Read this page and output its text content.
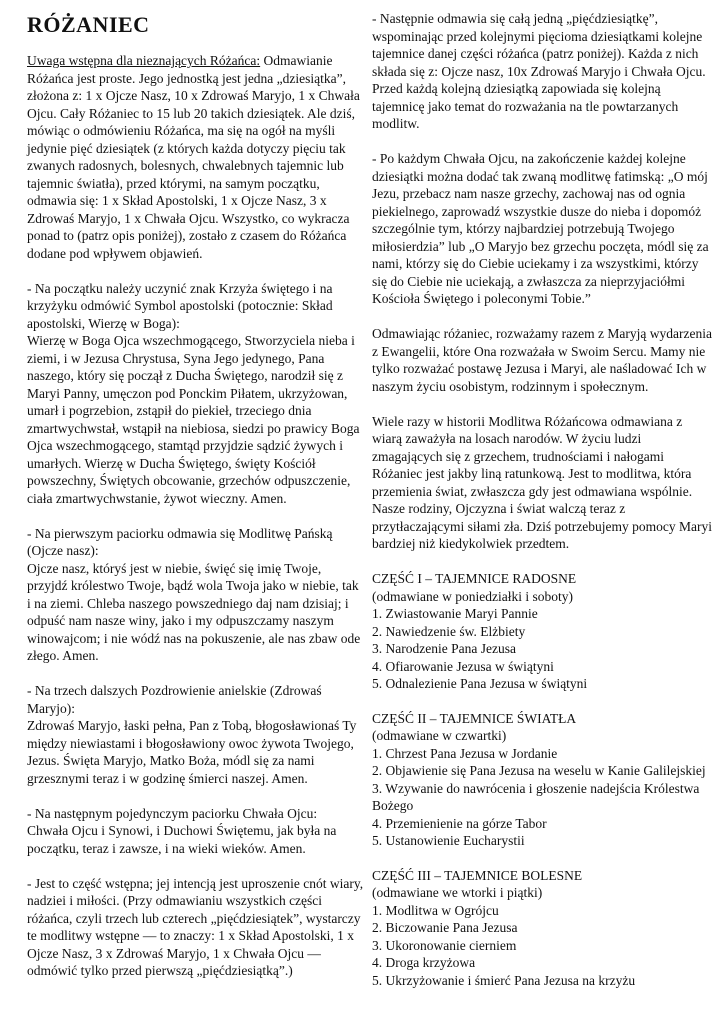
RÓŻANIEC

Uwaga wstępna dla nieznających Różańca: Odmawianie Różańca jest proste. Jego jednostką jest jedna „dziesiątka”, złożona z: 1 x Ojcze Nasz, 10 x Zdrowaś Maryjo, 1 x Chwała Ojcu. Cały Różaniec to 15 lub 20 takich dziesiątek. Ale dziś, mówiąc o odmówieniu Różańca, ma się na ogół na myśli jedynie pięć dziesiątek (z których każda dotyczy pięciu tak zwanych radosnych, bolesnych, chwalebnych tajemnic lub tajemnic światła), przed którymi, na samym początku, odmawia się: 1 x Skład Apostolski, 1 x Ojcze Nasz, 3 x Zdrowaś Maryjo, 1 x Chwała Ojcu. Wszystko, co wykracza ponad to (patrz opis poniżej), zostało z czasem do Różańca dodane pod wpływem objawień.

- Na początku należy uczynić znak Krzyża świętego i na krzyżyku odmówić Symbol apostolski (potocznie: Skład apostolski, Wierzę w Boga):
Wierzę w Boga Ojca wszechmogącego, Stworzyciela nieba i ziemi, i w Jezusa Chrystusa, Syna Jego jedynego, Pana naszego, który się począł z Ducha Świętego, narodził się z Maryi Panny, umęczon pod Ponckim Piłatem, ukrzyżowan, umarł i pogrzebion, zstąpił do piekieł, trzeciego dnia zmartwychwstał, wstąpił na niebiosa, siedzi po prawicy Boga Ojca wszechmogącego, stamtąd przyjdzie sądzić żywych i umarłych. Wierzę w Ducha Świętego, święty Kościół powszechny, Świętych obcowanie, grzechów odpuszczenie, ciała zmartwychwstanie, żywot wieczny. Amen.

- Na pierwszym paciorku odmawia się Modlitwę Pańską (Ojcze nasz):
Ojcze nasz, któryś jest w niebie, święć się imię Twoje, przyjdź królestwo Twoje, bądź wola Twoja jako w niebie, tak i na ziemi. Chleba naszego powszedniego daj nam dzisiaj; i odpuść nam nasze winy, jako i my odpuszczamy naszym winowajcom; i nie wódź nas na pokuszenie, ale nas zbaw ode złego. Amen.

- Na trzech dalszych Pozdrowienie anielskie (Zdrowaś Maryjo):
Zdrowaś Maryjo, łaski pełna, Pan z Tobą, błogosławionaś Ty między niewiastami i błogosławiony owoc żywota Twojego, Jezus. Święta Maryjo, Matko Boża, módl się za nami grzesznymi teraz i w godzinę śmierci naszej. Amen.

- Na następnym pojedynczym paciorku Chwała Ojcu:
Chwała Ojcu i Synowi, i Duchowi Świętemu, jak była na początku, teraz i zawsze, i na wieki wieków. Amen.

- Jest to część wstępna; jej intencją jest uproszenie cnót wiary, nadziei i miłości. (Przy odmawianiu wszystkich części różańca, czyli trzech lub czterech „pięćdziesiątek”, wystarczy te modlitwy wstępne — to znaczy: 1 x Skład Apostolski, 1 x Ojcze Nasz, 3 x Zdrowaś Maryjo, 1 x Chwała Ojcu — odmówić tylko przed pierwszą „pięćdziesiątką”.)

- Następnie odmawia się całą jedną „pięćdziesiątkę”, wspominając przed kolejnymi pięcioma dziesiątkami kolejne tajemnice danej części różańca (patrz poniżej). Każda z nich składa się z: Ojcze nasz, 10x Zdrowaś Maryjo i Chwała Ojcu. Przed każdą kolejną dziesiątką zapowiada się kolejną tajemnicę jako temat do rozważania na tle powtarzanych modlitw.

- Po każdym Chwała Ojcu, na zakończenie każdej kolejne dziesiątki można dodać tak zwaną modlitwę fatimską: „O mój Jezu, przebacz nam nasze grzechy, zachowaj nas od ognia piekielnego, zaprowadź wszystkie dusze do nieba i dopomóż szczególnie tym, którzy najbardziej potrzebują Twojego miłosierdzia” lub „O Maryjo bez grzechu poczęta, módl się za nami, którzy się do Ciebie uciekamy i za wszystkimi, którzy się do Ciebie nie uciekają, a zwłaszcza za nieprzyjaciółmi Kościoła Świętego i poleconymi Tobie.”

Odmawiając różaniec, rozważamy razem z Maryją wydarzenia z Ewangelii, które Ona rozważała w Swoim Sercu. Mamy nie tylko rozważać postawę Jezusa i Maryi, ale naśladować Ich w naszym życiu osobistym, rodzinnym i społecznym.

Wiele razy w historii Modlitwa Różańcowa odmawiana z wiarą zaważyła na losach narodów. W życiu ludzi zmagających się z grzechem, trudnościami i nałogami Różaniec jest jakby liną ratunkową. Jest to modlitwa, która przemienia świat, zwłaszcza gdy jest odmawiana wspólnie. Nasze rodziny, Ojczyzna i świat walczą teraz z przytłaczającymi siłami zła. Dziś potrzebujemy pomocy Maryi bardziej niż kiedykolwiek przedtem.

CZĘŚĆ I – TAJEMNICE RADOSNE
(odmawiane w poniedziałki i soboty)
1. Zwiastowanie Maryi Pannie
2. Nawiedzenie św. Elżbiety
3. Narodzenie Pana Jezusa
4. Ofiarowanie Jezusa w świątyni
5. Odnalezienie Pana Jezusa w świątyni
CZĘŚĆ II – TAJEMNICE ŚWIATŁA
(odmawiane w czwartki)
1. Chrzest Pana Jezusa w Jordanie
2. Objawienie się Pana Jezusa na weselu w Kanie Galilejskiej
3. Wzywanie do nawrócenia i głoszenie nadejścia Królestwa Bożego
4. Przemienienie na górze Tabor
5. Ustanowienie Eucharystii
CZĘŚĆ III – TAJEMNICE BOLESNE
(odmawiane we wtorki i piątki)
1. Modlitwa w Ogrójcu
2. Biczowanie Pana Jezusa
3. Ukoronowanie cierniem
4. Droga krzyżowa
5. Ukrzyżowanie i śmierć Pana Jezusa na krzyżu
